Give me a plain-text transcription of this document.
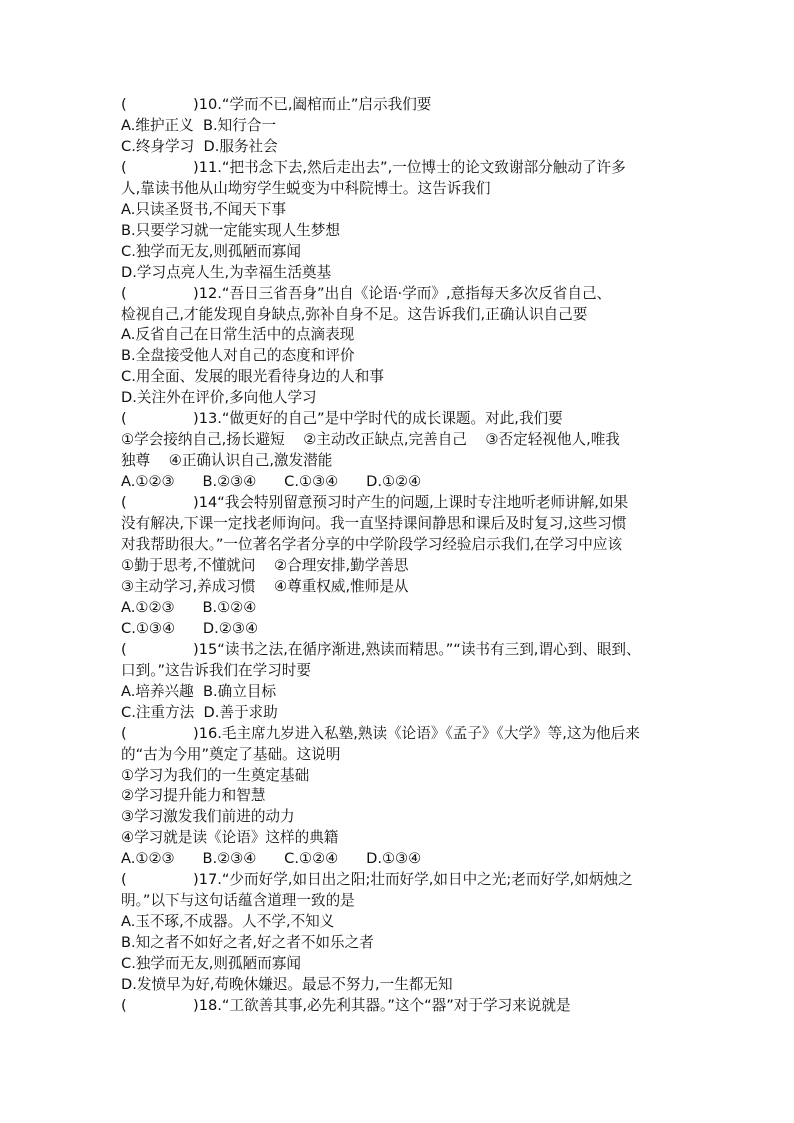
(	)10.“学而不已,阖棺而止”启示我们要
A.维护正义  B.知行合一
C.终身学习  D.服务社会
(	)11.“把书念下去,然后走出去”,一位博士的论文致谢部分触动了许多
人,靠读书他从山坳穷学生蜕变为中科院博士。这告诉我们
A.只读圣贤书,不闻天下事
B.只要学习就一定能实现人生梦想
C.独学而无友,则孤陋而寡闻
D.学习点亮人生,为幸福生活奠基
(	)12.“吾日三省吾身”出自《论语·学而》,意指每天多次反省自己、
检视自己,才能发现自身缺点,弥补自身不足。这告诉我们,正确认识自己要
A.反省自己在日常生活中的点滴表现
B.全盘接受他人对自己的态度和评价
C.用全面、发展的眼光看待身边的人和事
D.关注外在评价,多向他人学习
(	)13.“做更好的自己”是中学时代的成长课题。对此,我们要
①学会接纳自己,扬长避短    ②主动改正缺点,完善自己    ③否定轻视他人,唯我
独尊    ④正确认识自己,激发潜能
A.①②③      B.②③④      C.①③④      D.①②④
(	)14“我会特别留意预习时产生的问题,上课时专注地听老师讲解,如果
没有解决,下课一定找老师询问。我一直坚持课间静思和课后及时复习,这些习惯
对我帮助很大。”一位著名学者分享的中学阶段学习经验启示我们,在学习中应该
①勤于思考,不懂就问    ②合理安排,勤学善思
③主动学习,养成习惯    ④尊重权威,惟师是从
A.①②③      B.①②④
C.①③④      D.②③④
(	)15“读书之法,在循序渐进,熟读而精思。”“读书有三到,谓心到、眼到、
口到。”这告诉我们在学习时要
A.培养兴趣  B.确立目标
C.注重方法  D.善于求助
(	)16.毛主席九岁进入私塾,熟读《论语》《孟子》《大学》等,这为他后来
的“古为今用”奠定了基础。这说明
①学习为我们的一生奠定基础
②学习提升能力和智慧
③学习激发我们前进的动力
④学习就是读《论语》这样的典籍
A.①②③      B.②③④      C.①②④      D.①③④
(	)17.“少而好学,如日出之阳;壮而好学,如日中之光;老而好学,如炳烛之
明。”以下与这句话蕴含道理一致的是
A.玉不琢,不成器。人不学,不知义
B.知之者不如好之者,好之者不如乐之者
C.独学而无友,则孤陋而寡闻
D.发愤早为好,苟晚休嫌迟。最忌不努力,一生都无知
(	)18.“工欲善其事,必先利其器。”这个“器”对于学习来说就是
